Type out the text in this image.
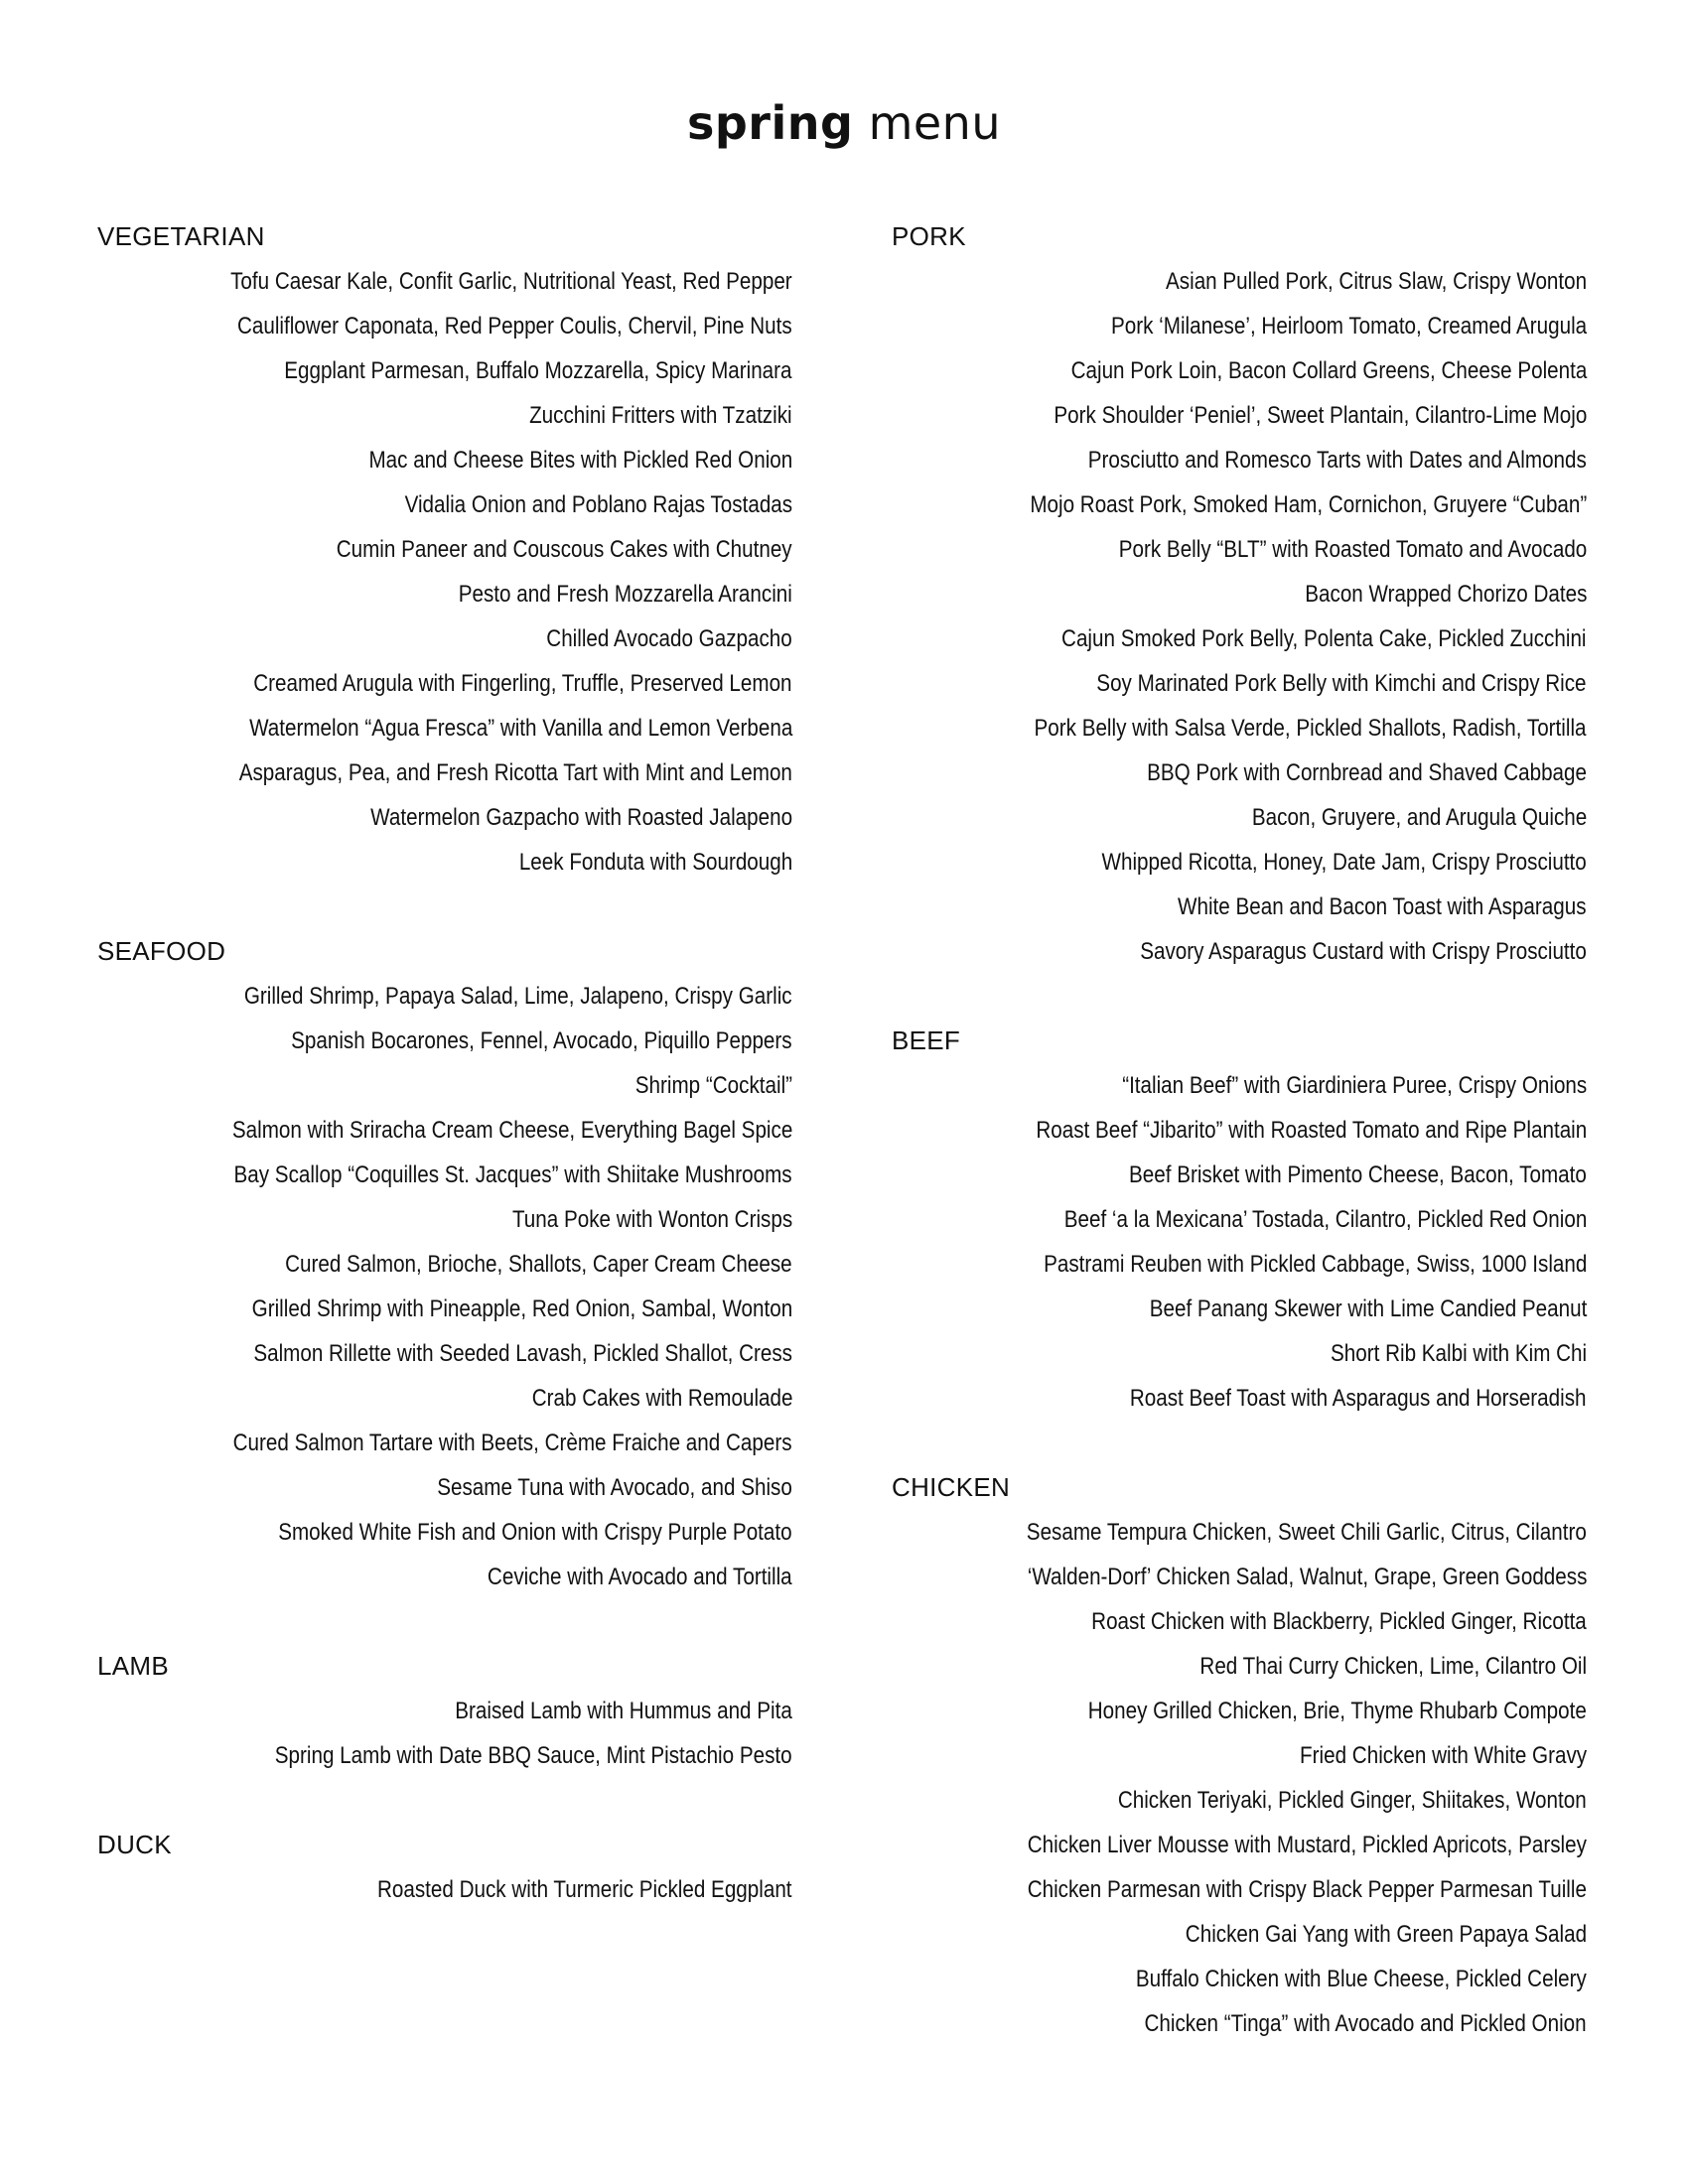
spring menu
VEGETARIAN
Tofu Caesar Kale, Confit Garlic, Nutritional Yeast, Red Pepper
Cauliflower Caponata, Red Pepper Coulis, Chervil, Pine Nuts
Eggplant Parmesan, Buffalo Mozzarella, Spicy Marinara
Zucchini Fritters with Tzatziki
Mac and Cheese Bites with Pickled Red Onion
Vidalia Onion and Poblano Rajas Tostadas
Cumin Paneer and Couscous Cakes with Chutney
Pesto and Fresh Mozzarella Arancini
Chilled Avocado Gazpacho
Creamed Arugula with Fingerling, Truffle, Preserved Lemon
Watermelon “Agua Fresca” with Vanilla and Lemon Verbena
Asparagus, Pea, and Fresh Ricotta Tart with Mint and Lemon
Watermelon Gazpacho with Roasted Jalapeno
Leek Fonduta with Sourdough
SEAFOOD
Grilled Shrimp, Papaya Salad, Lime, Jalapeno, Crispy Garlic
Spanish Bocarones, Fennel, Avocado, Piquillo Peppers
Shrimp “Cocktail”
Salmon with Sriracha Cream Cheese, Everything Bagel Spice
Bay Scallop “Coquilles St. Jacques” with Shiitake Mushrooms
Tuna Poke with Wonton Crisps
Cured Salmon, Brioche, Shallots, Caper Cream Cheese
Grilled Shrimp with Pineapple, Red Onion, Sambal, Wonton
Salmon Rillette with Seeded Lavash, Pickled Shallot, Cress
Crab Cakes with Remoulade
Cured Salmon Tartare with Beets, Crème Fraiche and Capers
Sesame Tuna with Avocado, and Shiso
Smoked White Fish and Onion with Crispy Purple Potato
Ceviche with Avocado and Tortilla
LAMB
Braised Lamb with Hummus and Pita
Spring Lamb with Date BBQ Sauce, Mint Pistachio Pesto
DUCK
Roasted Duck with Turmeric Pickled Eggplant
PORK
Asian Pulled Pork, Citrus Slaw, Crispy Wonton
Pork ‘Milanese’, Heirloom Tomato, Creamed Arugula
Cajun Pork Loin, Bacon Collard Greens, Cheese Polenta
Pork Shoulder ‘Peniel’, Sweet Plantain, Cilantro-Lime Mojo
Prosciutto and Romesco Tarts with Dates and Almonds
Mojo Roast Pork, Smoked Ham, Cornichon, Gruyere “Cuban”
Pork Belly “BLT” with Roasted Tomato and Avocado
Bacon Wrapped Chorizo Dates
Cajun Smoked Pork Belly, Polenta Cake, Pickled Zucchini
Soy Marinated Pork Belly with Kimchi and Crispy Rice
Pork Belly with Salsa Verde, Pickled Shallots, Radish, Tortilla
BBQ Pork with Cornbread and Shaved Cabbage
Bacon, Gruyere, and Arugula Quiche
Whipped Ricotta, Honey, Date Jam, Crispy Prosciutto
White Bean and Bacon Toast with Asparagus
Savory Asparagus Custard with Crispy Prosciutto
BEEF
“Italian Beef” with Giardiniera Puree, Crispy Onions
Roast Beef “Jibarito” with Roasted Tomato and Ripe Plantain
Beef Brisket with Pimento Cheese, Bacon, Tomato
Beef ‘a la Mexicana’ Tostada, Cilantro, Pickled Red Onion
Pastrami Reuben with Pickled Cabbage, Swiss, 1000 Island
Beef Panang Skewer with Lime Candied Peanut
Short Rib Kalbi with Kim Chi
Roast Beef Toast with Asparagus and Horseradish
CHICKEN
Sesame Tempura Chicken, Sweet Chili Garlic, Citrus, Cilantro
‘Walden-Dorf’ Chicken Salad, Walnut, Grape, Green Goddess
Roast Chicken with Blackberry, Pickled Ginger, Ricotta
Red Thai Curry Chicken, Lime, Cilantro Oil
Honey Grilled Chicken, Brie, Thyme Rhubarb Compote
Fried Chicken with White Gravy
Chicken Teriyaki, Pickled Ginger, Shiitakes, Wonton
Chicken Liver Mousse with Mustard, Pickled Apricots, Parsley
Chicken Parmesan with Crispy Black Pepper Parmesan Tuille
Chicken Gai Yang with Green Papaya Salad
Buffalo Chicken with Blue Cheese, Pickled Celery
Chicken “Tinga” with Avocado and Pickled Onion
